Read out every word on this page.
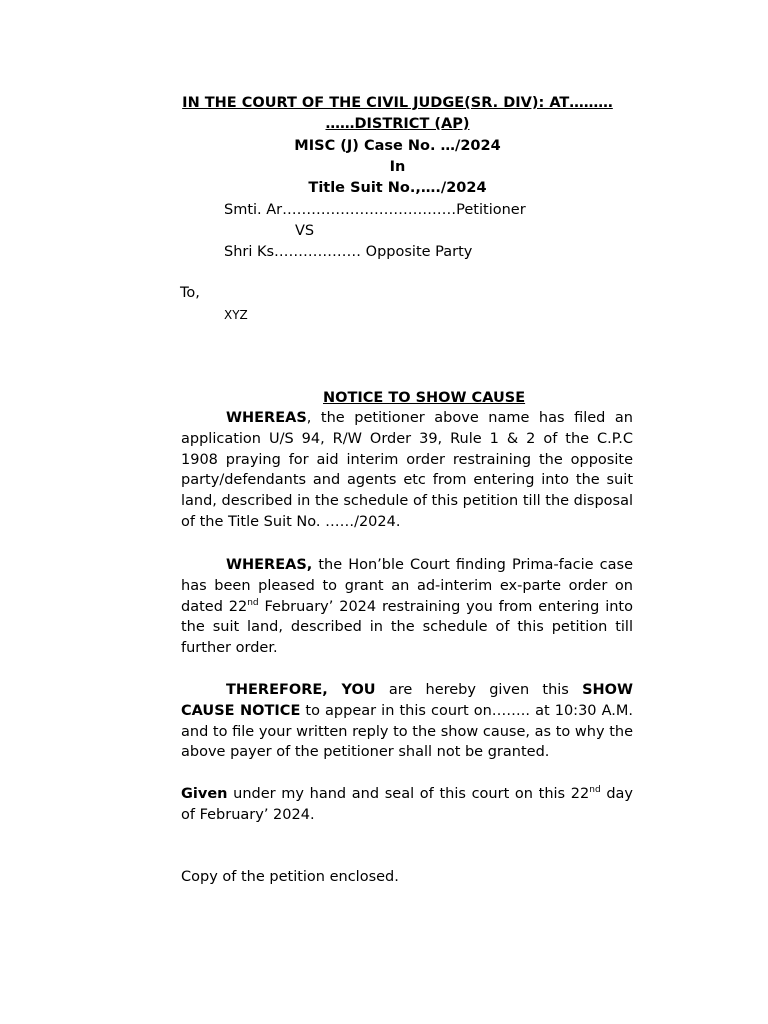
IN THE COURT OF THE CIVIL JUDGE(SR. DIV): AT………
……DISTRICT (AP)
MISC (J) Case No. …/2024
In
Title Suit No.,…./2024
Smti. Ar………………………………Petitioner
VS
Shri Ks……………… Opposite Party
To,
XYZ
NOTICE TO SHOW CAUSE
WHEREAS, the petitioner above name has filed an application U/S 94, R/W Order 39, Rule 1 & 2 of the C.P.C 1908 praying for aid interim order restraining the opposite party/defendants and agents etc from entering into the suit land, described in the schedule of this petition till the disposal of the Title Suit No. ……/2024.
WHEREAS, the Hon’ble Court finding Prima-facie case has been pleased to grant an ad-interim ex-parte order on dated 22nd February’ 2024 restraining you from entering into the suit land, described in the schedule of this petition till further order.
THEREFORE, YOU are hereby given this SHOW CAUSE NOTICE to appear in this court on…….. at 10:30 A.M. and to file your written reply to the show cause, as to why the above payer of the petitioner shall not be granted.
Given under my hand and seal of this court on this 22nd day of February’ 2024.
Copy of the petition enclosed.
